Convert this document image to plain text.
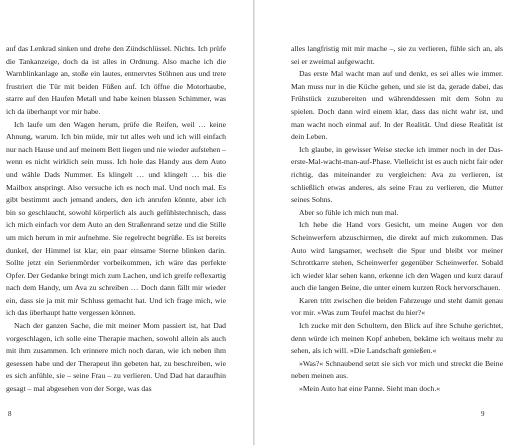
auf das Lenkrad sinken und drehe den Zündschlüssel. Nichts. Ich prüfe die Tankanzeige, doch da ist alles in Ordnung. Also mache ich die Warnblinkanlage an, stoße ein lautes, entnervtes Stöhnen aus und trete frustriert die Tür mit beiden Füßen auf. Ich öffne die Motorhaube, starre auf den Haufen Metall und habe keinen blassen Schimmer, was ich da überhaupt vor mir habe.

Ich laufe um den Wagen herum, prüfe die Reifen, weil … keine Ahnung, warum. Ich bin müde, mir tut alles weh und ich will einfach nur nach Hause und auf meinem Bett liegen und nie wieder aufstehen – wenn es nicht wirklich sein muss. Ich hole das Handy aus dem Auto und wähle Dads Nummer. Es klingelt … und klingelt … bis die Mailbox anspringt. Also versuche ich es noch mal. Und noch mal. Es gibt bestimmt auch jemand anders, den ich anrufen könnte, aber ich bin so geschlaucht, sowohl körperlich als auch gefühlstechnisch, dass ich mich einfach vor dem Auto an den Straßenrand setze und die Stille um mich herum in mir aufnehme. Sie regelrecht begrüße. Es ist bereits dunkel, der Himmel ist klar, ein paar einsame Sterne blinken darin. Sollte jetzt ein Serienmörder vorbeikommen, ich wäre das perfekte Opfer. Der Gedanke bringt mich zum Lachen, und ich greife reflexartig nach dem Handy, um Ava zu schreiben … Doch dann fällt mir wieder ein, dass sie ja mit mir Schluss gemacht hat. Und ich frage mich, wie ich das überhaupt hatte vergessen können.

Nach der ganzen Sache, die mit meiner Mom passiert ist, hat Dad vorgeschlagen, ich solle eine Therapie machen, sowohl allein als auch mit ihm zusammen. Ich erinnere mich noch daran, wie ich neben ihm gesessen habe und der Therapeut ihn gebeten hat, zu beschreiben, wie es sich anfühle, sie – seine Frau – zu verlieren. Und Dad hat daraufhin gesagt – mal abgesehen von der Sorge, was das

8

alles langfristig mit mir mache –, sie zu verlieren, fühle sich an, als sei er zweimal aufgewacht.

Das erste Mal wacht man auf und denkt, es sei alles wie immer. Man muss nur in die Küche gehen, und sie ist da, gerade dabei, das Frühstück zuzubereiten und währenddessen mit dem Sohn zu spielen. Doch dann wird einem klar, dass das nicht wahr ist, und man wacht noch einmal auf. In der Realität. Und diese Realität ist dein Leben.

Ich glaube, in gewisser Weise stecke ich immer noch in der Das-erste-Mal-wacht-man-auf-Phase. Vielleicht ist es auch nicht fair oder richtig, das miteinander zu vergleichen: Ava zu verlieren, ist schließlich etwas anderes, als seine Frau zu verlieren, die Mutter seines Sohns.

Aber so fühle ich mich nun mal.

Ich hebe die Hand vors Gesicht, um meine Augen vor den Scheinwerfern abzuschirmen, die direkt auf mich zukommen. Das Auto wird langsamer, wechselt die Spur und bleibt vor meiner Schrottkarre stehen, Scheinwerfer gegenüber Scheinwerfer. Sobald ich wieder klar sehen kann, erkenne ich den Wagen und kurz darauf auch die langen Beine, die unter einem kurzen Rock hervorschauen.

Karen tritt zwischen die beiden Fahrzeuge und steht damit genau vor mir. »Was zum Teufel machst du hier?«

Ich zucke mit den Schultern, den Blick auf ihre Schuhe gerichtet, denn würde ich meinen Kopf anheben, bekäme ich weitaus mehr zu sehen, als ich will. »Die Landschaft genießen.«

»Was?« Schnaubend setzt sie sich vor mich und streckt die Beine neben meinen aus.

»Mein Auto hat eine Panne. Sieht man doch.«

9
